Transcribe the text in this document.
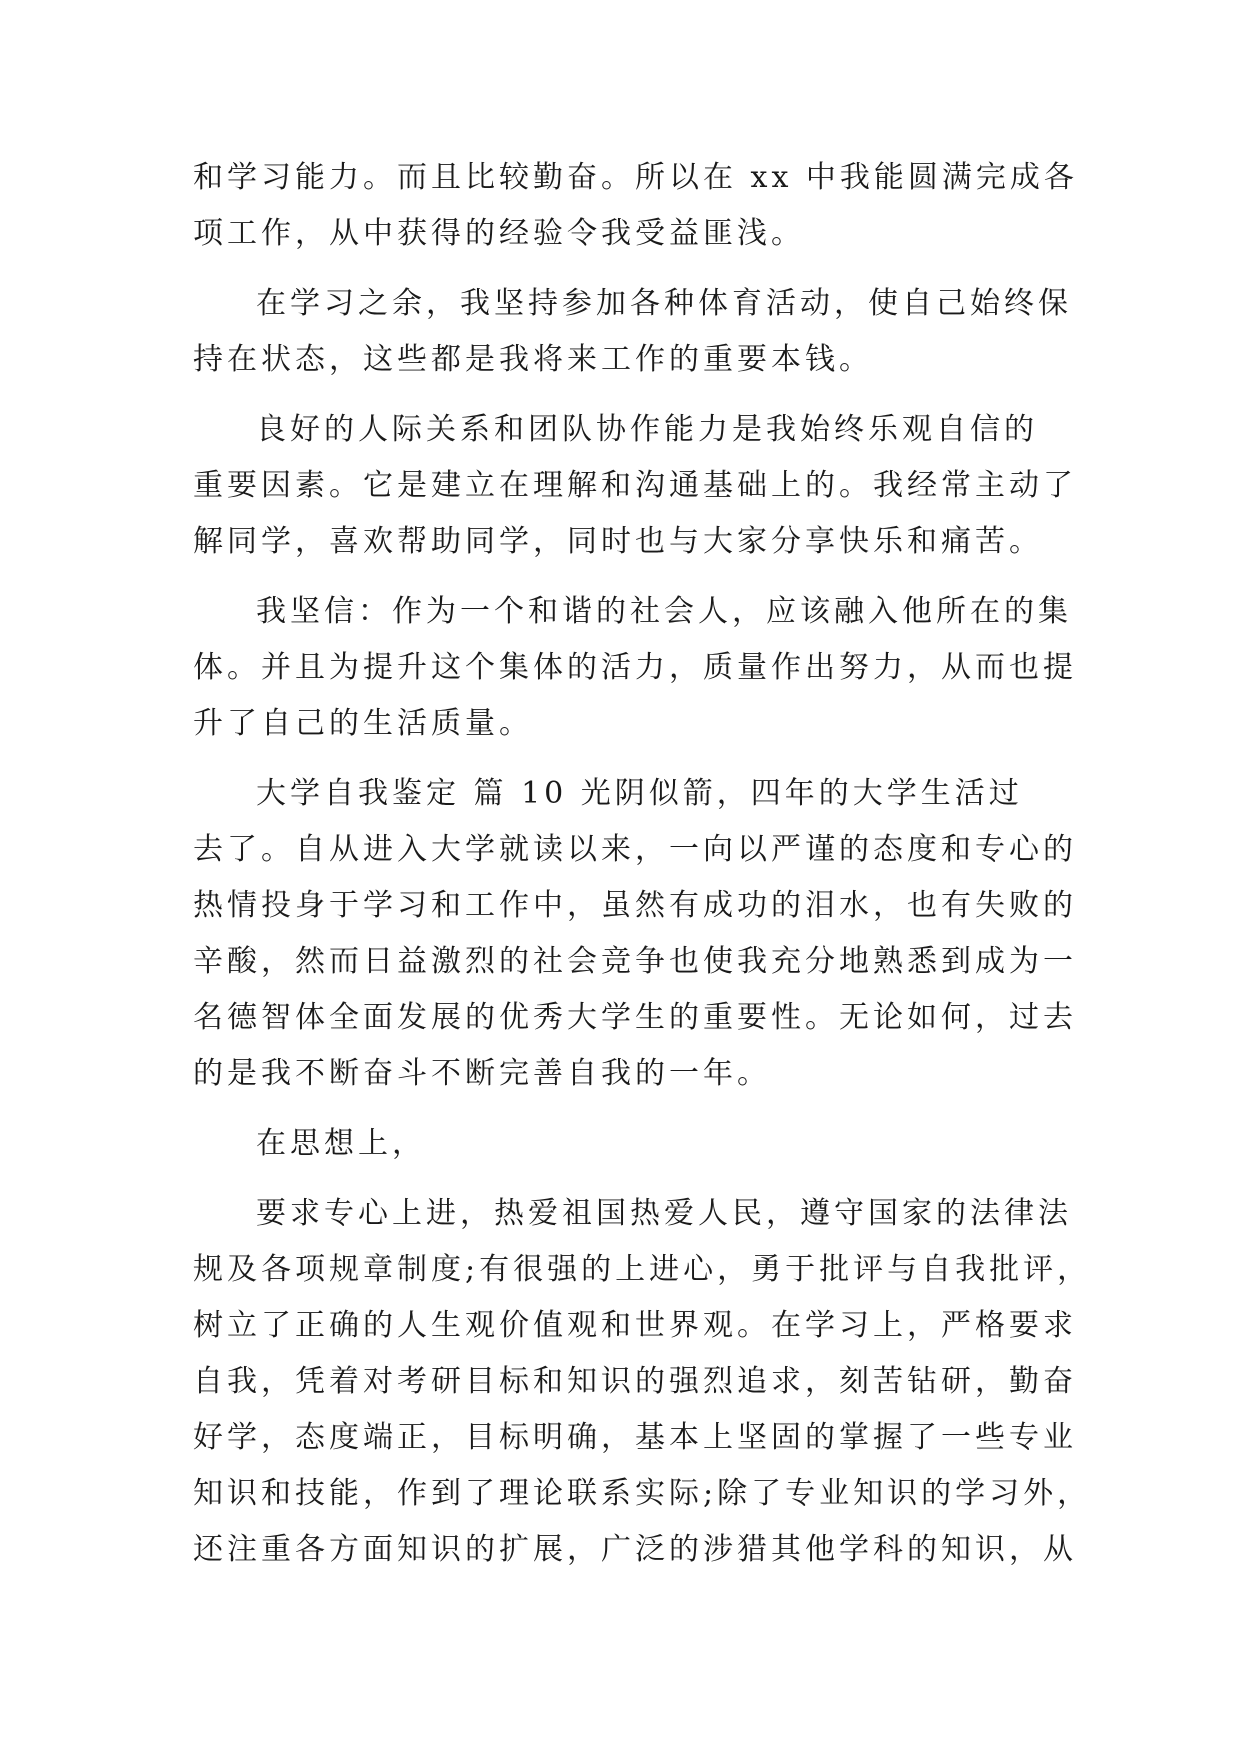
和学习能力。而且比较勤奋。所以在 xx 中我能圆满完成各
项工作，从中获得的经验令我受益匪浅。
在学习之余，我坚持参加各种体育活动，使自己始终保
持在状态，这些都是我将来工作的重要本钱。
良好的人际关系和团队协作能力是我始终乐观自信的
重要因素。它是建立在理解和沟通基础上的。我经常主动了
解同学，喜欢帮助同学，同时也与大家分享快乐和痛苦。
我坚信：作为一个和谐的社会人，应该融入他所在的集
体。并且为提升这个集体的活力，质量作出努力，从而也提
升了自己的生活质量。
大学自我鉴定 篇 10 光阴似箭，四年的大学生活过
去了。自从进入大学就读以来，一向以严谨的态度和专心的
热情投身于学习和工作中，虽然有成功的泪水，也有失败的
辛酸，然而日益激烈的社会竞争也使我充分地熟悉到成为一
名德智体全面发展的优秀大学生的重要性。无论如何，过去
的是我不断奋斗不断完善自我的一年。
在思想上，
要求专心上进，热爱祖国热爱人民，遵守国家的法律法
规及各项规章制度;有很强的上进心，勇于批评与自我批评，
树立了正确的人生观价值观和世界观。在学习上，严格要求
自我，凭着对考研目标和知识的强烈追求，刻苦钻研，勤奋
好学，态度端正，目标明确，基本上坚固的掌握了一些专业
知识和技能，作到了理论联系实际;除了专业知识的学习外，
还注重各方面知识的扩展，广泛的涉猎其他学科的知识，从
